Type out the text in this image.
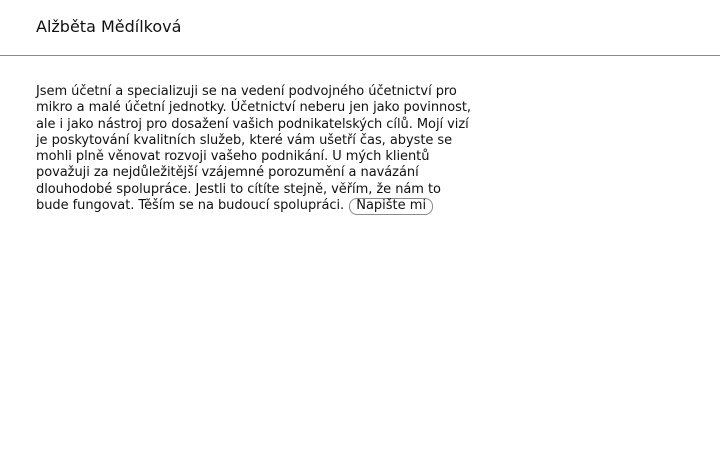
Alžběta Mědílková

Jsem účetní a specializuji se na vedení podvojného účetnictví pro mikro a malé účetní jednotky. Účetnictví neberu jen jako povinnost, ale i jako nástroj pro dosažení vašich podnikatelských cílů. Mojí vizí je poskytování kvalitních služeb, které vám ušetří čas, abyste se mohli plně věnovat rozvoji vašeho podnikání. U mých klientů považuji za nejdůležitější vzájemné porozumění a navázání dlouhodobé spolupráce. Jestli to cítíte stejně, věřím, že nám to bude fungovat. Těším se na budoucí spolupráci. Napište mi
